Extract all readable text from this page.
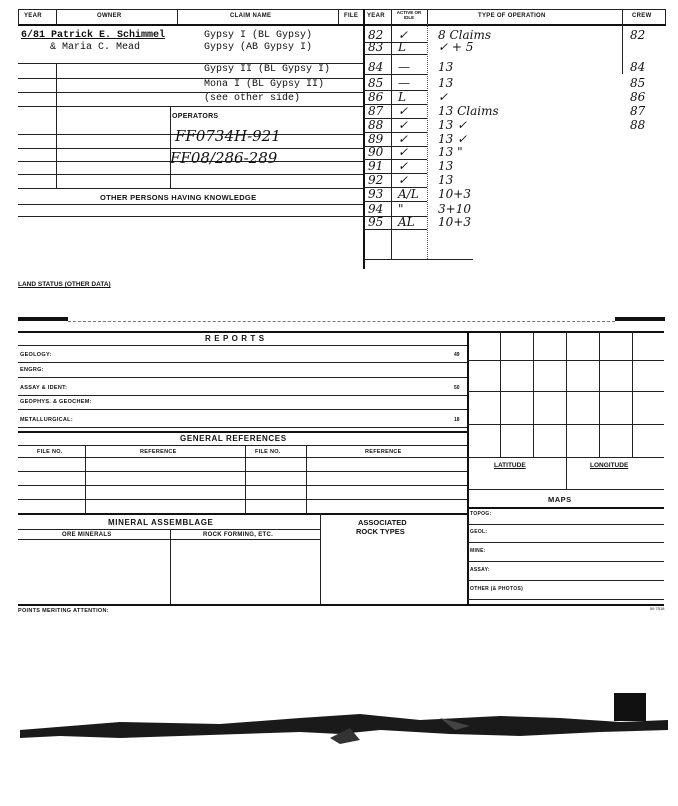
YEAR	OWNER	CLAIM NAME	FILE YEAR
ACTIVE OR IDLE	TYPE OF OPERATION	CREW
6/81 Patrick E. Schimmel
& Maria C. Mead
Gypsy I (BL Gypsy)
Gypsy (AB Gypsy I)
Gypsy II (BL Gypsy I)
Mona I (BL Gypsy II)
(see other side)
OPERATORS
FF0734H-921
FF08/286-289
OTHER PERSONS HAVING KNOWLEDGE
82 ✓ 8 Claims	82
83 L	✓ + 5
84 — 13	84
85 — 13	85
86 L	✓	86
87 ✓ 13 Claims	87
88 ✓ 13 ✓	88
89 ✓ 13 ✓
90 ✓ 13 "
91 ✓ 13
92 ✓ 13
93 A/L 10+3
94 "	3+10
95 AL 10+3
LAND STATUS (OTHER DATA)
R E P O R T S
GEOLOGY:	49
ENGRG:
ASSAY & IDENT:	50
GEOPHYS. & GEOCHEM:
METALLURGICAL:	18
LATITUDE	LONGITUDE
MAPS
TOPOG:
GEOL:
MINE:
ASSAY:
OTHER (& PHOTOS)
GENERAL REFERENCES
FILE NO.	REFERENCE	FILE NO.	REFERENCE
MINERAL ASSEMBLAGE
ORE MINERALS	ROCK FORMING, ETC.
ASSOCIATED
ROCK TYPES
POINTS MERITING ATTENTION:	59 7518
